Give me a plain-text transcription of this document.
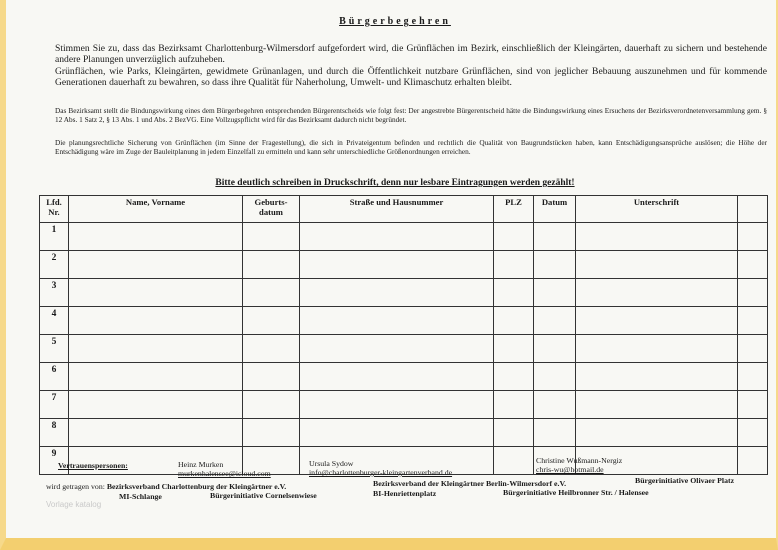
Bürgerbegehren
Stimmen Sie zu, dass das Bezirksamt Charlottenburg-Wilmersdorf aufgefordert wird, die Grünflächen im Bezirk, einschließlich der Kleingärten, dauerhaft zu sichern und bestehende andere Planungen unverzüglich aufzuheben.
Grünflächen, wie Parks, Kleingärten, gewidmete Grünanlagen, und durch die Öffentlichkeit nutzbare Grünflächen, sind von jeglicher Bebauung auszunehmen und für kommende Generationen dauerhaft zu bewahren, so dass ihre Qualität für Naherholung, Umwelt- und Klimaschutz erhalten bleibt.
Das Bezirksamt stellt die Bindungswirkung eines dem Bürgerbegehren entsprechenden Bürgerentscheids wie folgt fest: Der angestrebte Bürgerentscheid hätte die Bindungswirkung eines Ersuchens der Bezirksverordnetenversammlung gem. § 12 Abs. 1 Satz 2, § 13 Abs. 1 und Abs. 2 BezVG. Eine Vollzugspflicht wird für das Bezirksamt dadurch nicht begründet.
Die planungsrechtliche Sicherung von Grünflächen (im Sinne der Fragestellung), die sich in Privateigentum befinden und rechtlich die Qualität von Baugrundstücken haben, kann Entschädigungsansprüche auslösen; die Höhe der Entschädigung wäre im Zuge der Bauleitplanung in jedem Einzelfall zu ermitteln und kann sehr unterschiedliche Größenordnungen erreichen.
Bitte deutlich schreiben in Druckschrift, denn nur lesbare Eintragungen werden gezählt!
Lfd. Nr.	Name, Vorname	Geburts- datum	Straße und Hausnummer	PLZ	Datum	Unterschrift	
1							
2							
3							
4							
5							
6							
7							
8							
9							
Vertrauenspersonen:	Heinz Murken
murkenhalensee@icloud.com
Ursula Sydow
info@charlottenburger-kleingartenverband.de
Christine Wußmann-Nergiz
chris-wu@hotmail.de
wird getragen von: Bezirksverband Charlottenburg der Kleingärtner e.V.	Bezirksverband der Kleingärtner Berlin-Wilmersdorf e.V.	Bürgerinitiative Olivaer Platz
MI-Schlange	Bürgerinitiative Cornelsenwiese	BI-Henriettenplatz	Bürgerinitiative Heilbronner Str. / Halensee
Vorlage katalog
